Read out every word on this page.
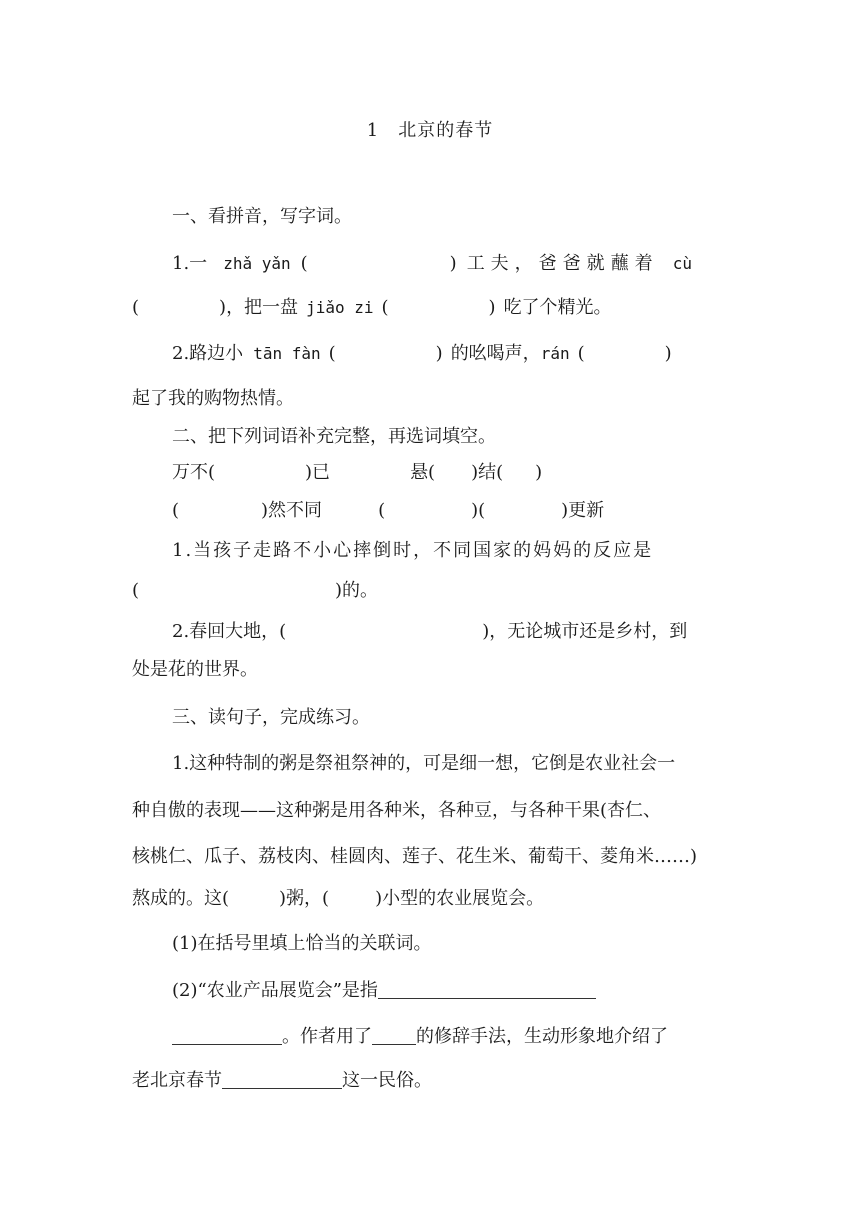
1　北京的春节
一、看拼音，写字词。
1.一 zhǎ yǎn (	) 工夫，爸爸就蘸着 cù
(	)，把一盘 jiǎo zi (	) 吃了个精光。
2.路边小 tān fàn (	) 的吆喝声，rán (	)
起了我的购物热情。
二、把下列词语补充完整，再选词填空。
万不(	)已	悬( )结( )
(	)然不同	(	)(	)更新
1.当孩子走路不小心摔倒时，不同国家的妈妈的反应是
(	)的。
2.春回大地，(	)，无论城市还是乡村，到
处是花的世界。
三、读句子，完成练习。
1.这种特制的粥是祭祖祭神的，可是细一想，它倒是农业社会一
种自傲的表现——这种粥是用各种米，各种豆，与各种干果(杏仁、
核桃仁、瓜子、荔枝肉、桂圆肉、莲子、花生米、葡萄干、菱角米……)
熬成的。这(	)粥，(	)小型的农业展览会。
(1)在括号里填上恰当的关联词。
(2)“农业产品展览会”是指
。作者用了 的修辞手法，生动形象地介绍了
老北京春节	这一民俗。
